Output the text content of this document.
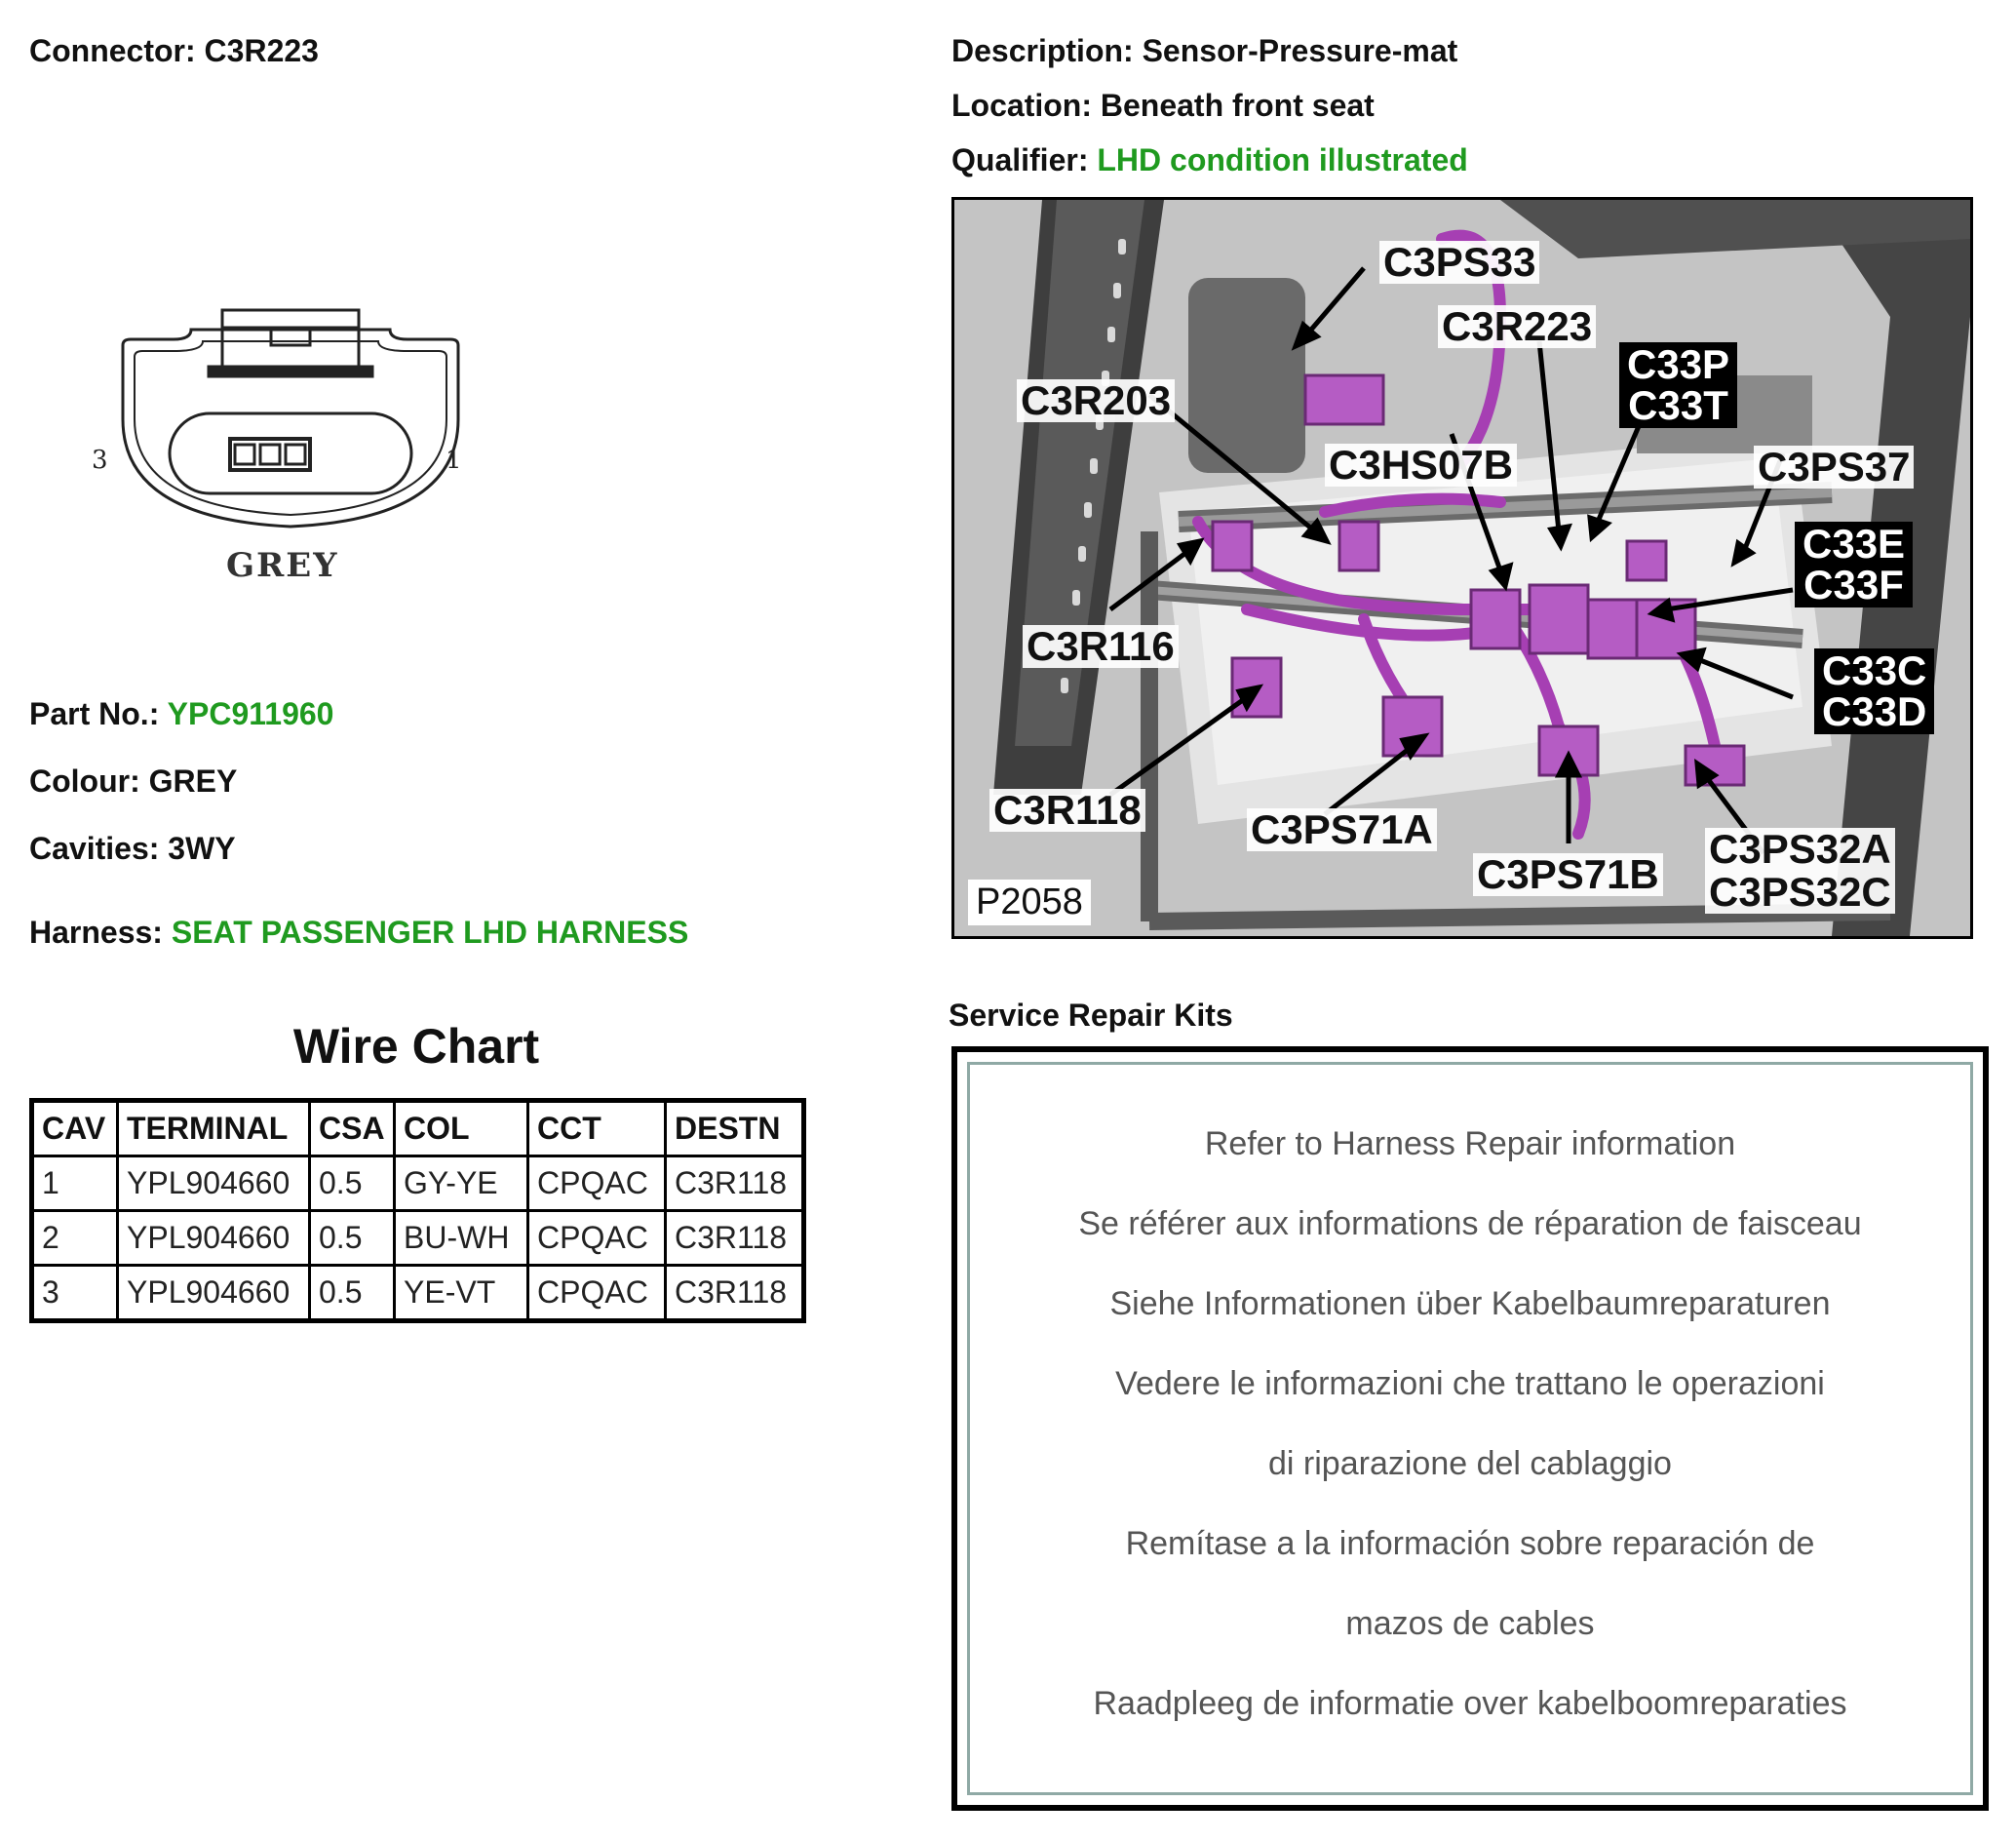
Connector: C3R223	Description: Sensor-Pressure-mat
Location: Beneath front seat
Qualifier: LHD condition illustrated
3	1
GREY
Part No.: YPC911960
Colour: GREY
Cavities: 3WY
Harness: SEAT PASSENGER LHD HARNESS
Wire Chart
CAV	TERMINAL	CSA	COL	CCT	DESTN
1	YPL904660	0.5	GY-YE	CPQAC	C3R118
2	YPL904660	0.5	BU-WH	CPQAC	C3R118
3	YPL904660	0.5	YE-VT	CPQAC	C3R118
C3PS33
C3R223
C33P
C33T
C3R203
C3HS07B	C3PS37
C33E
C33F
C3R116
C33C
C33D
C3R118	C3PS71A
C3PS71B
C3PS32A
C3PS32C
P2058
Service Repair Kits
Refer to Harness Repair information
Se référer aux informations de réparation de faisceau
Siehe Informationen über Kabelbaumreparaturen
Vedere le informazioni che trattano le operazioni
di riparazione del cablaggio
Remítase a la información sobre reparación de
mazos de cables
Raadpleeg de informatie over kabelboomreparaties
